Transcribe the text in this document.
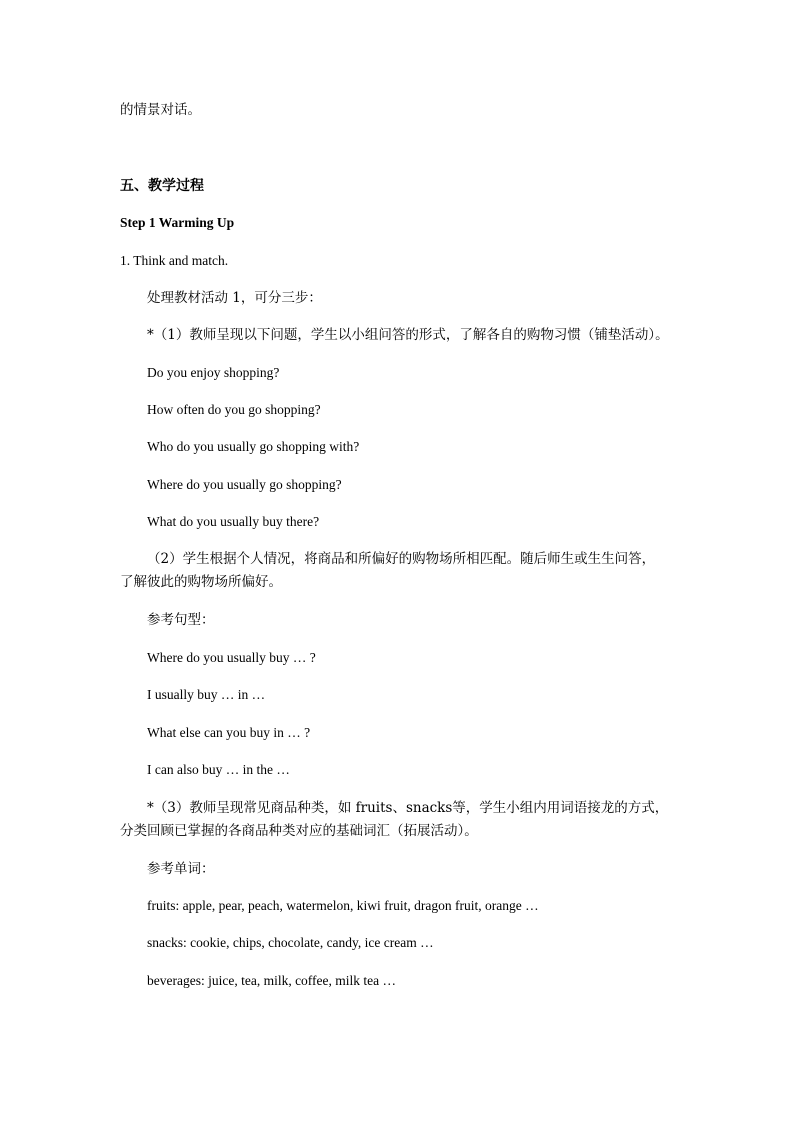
的情景对话。
五、教学过程
Step 1 Warming Up
1. Think and match.
处理教材活动 1，可分三步：
*（1）教师呈现以下问题，学生以小组问答的形式，了解各自的购物习惯（铺垫活动）。
Do you enjoy shopping?
How often do you go shopping?
Who do you usually go shopping with?
Where do you usually go shopping?
What do you usually buy there?
（2）学生根据个人情况，将商品和所偏好的购物场所相匹配。随后师生或生生问答，
了解彼此的购物场所偏好。
参考句型：
Where do you usually buy … ?
I usually buy … in …
What else can you buy in … ?
I can also buy … in the …
*（3）教师呈现常见商品种类，如 fruits、snacks等，学生小组内用词语接龙的方式，
分类回顾已掌握的各商品种类对应的基础词汇（拓展活动）。
参考单词：
fruits: apple, pear, peach, watermelon, kiwi fruit, dragon fruit, orange …
snacks: cookie, chips, chocolate, candy, ice cream …
beverages: juice, tea, milk, coffee, milk tea …
